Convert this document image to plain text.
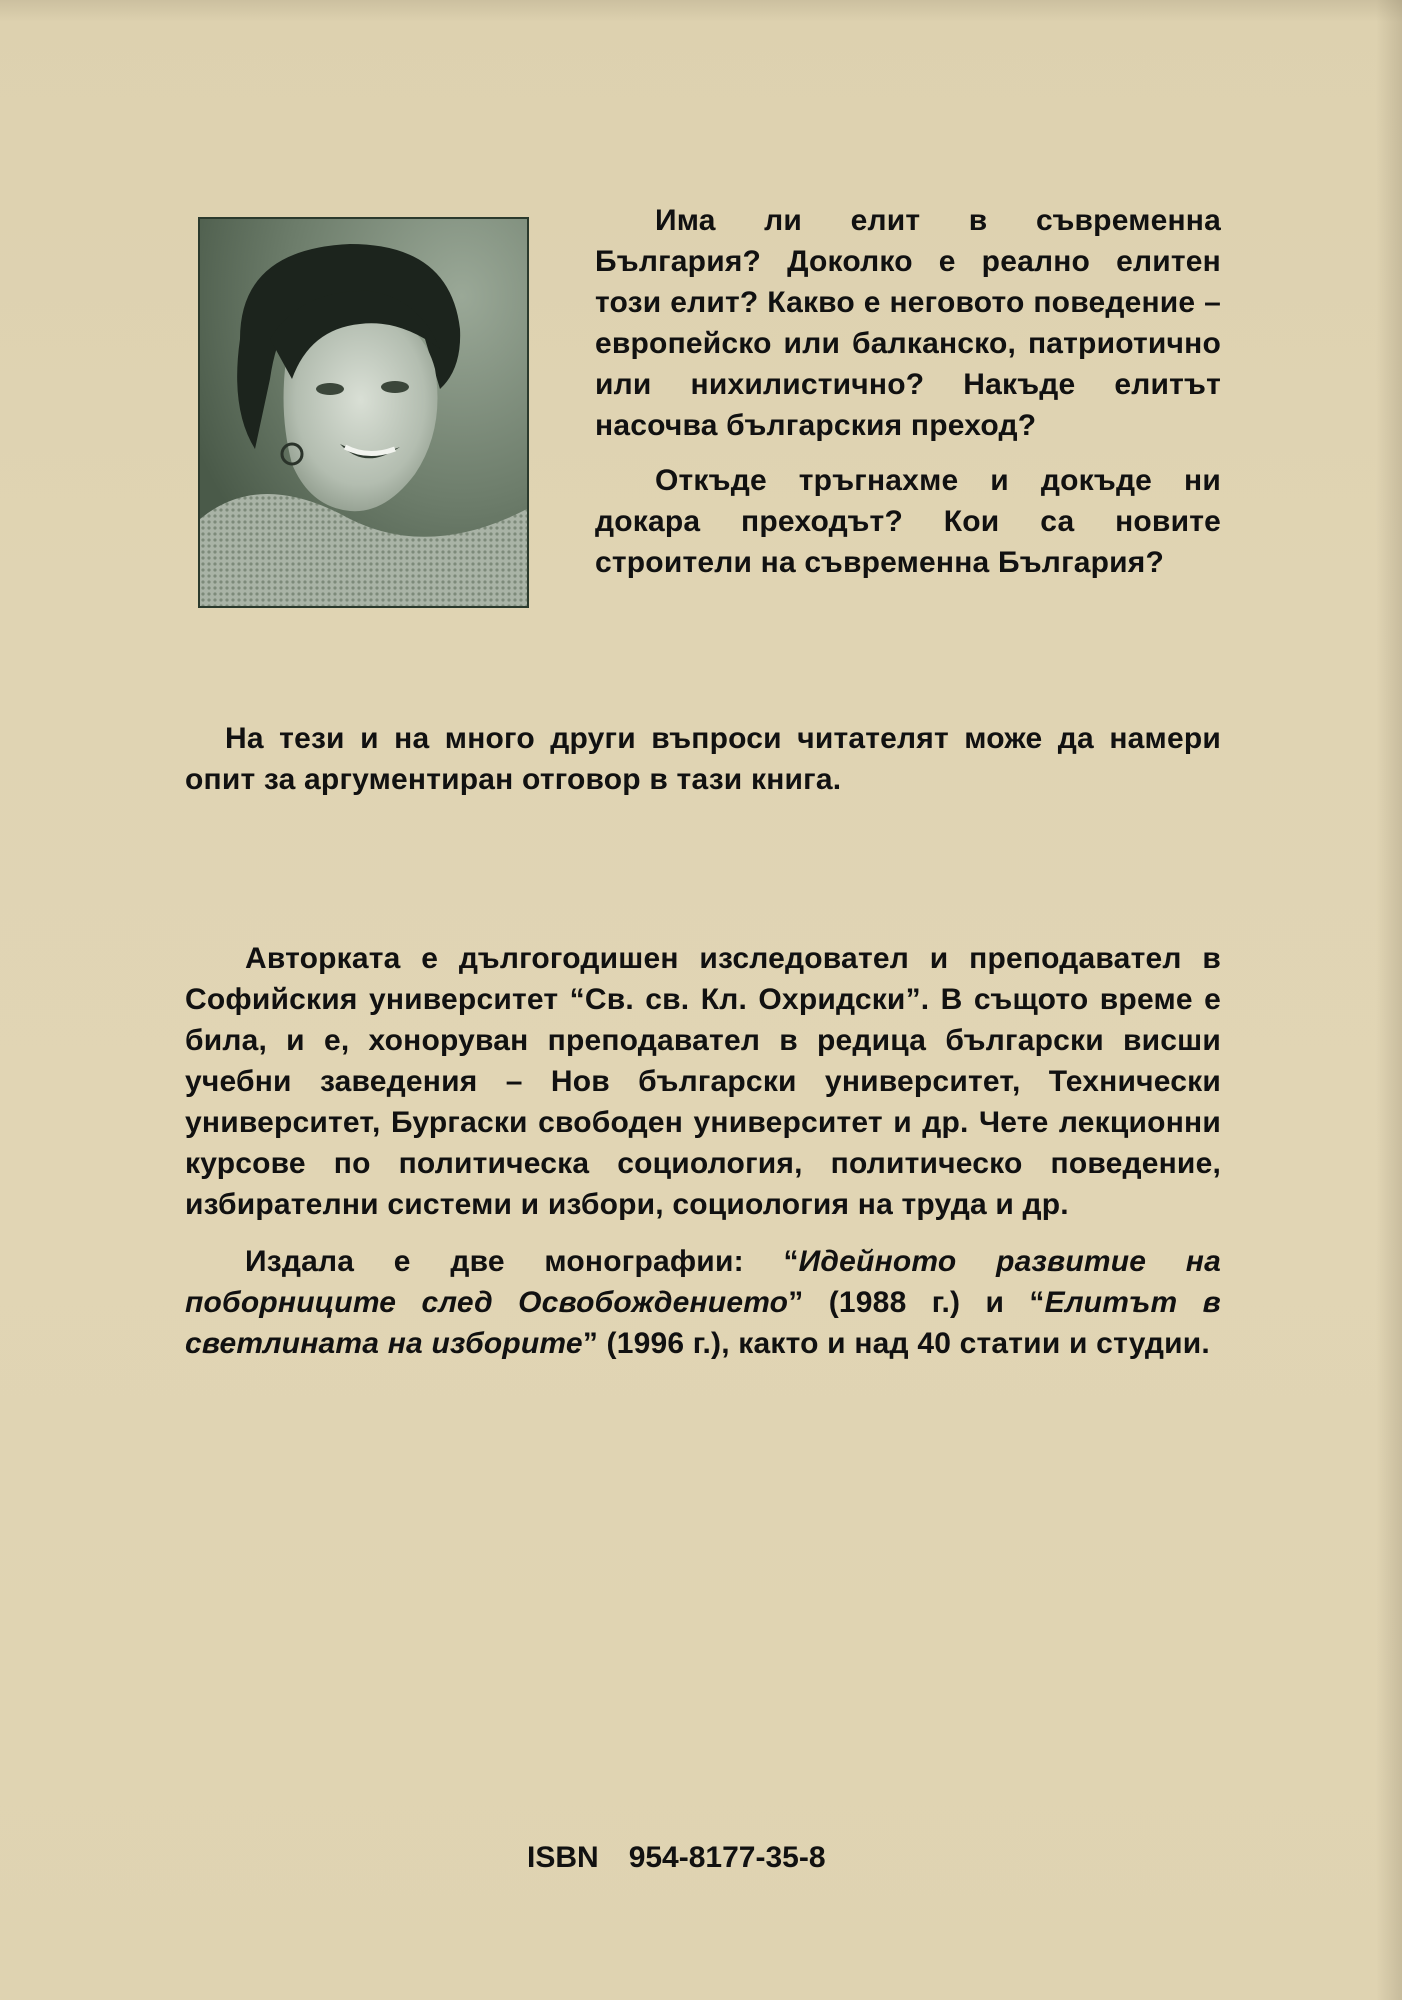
Има ли елит в съвременна България? Доколко е реално елитен този елит? Какво е неговото поведение – европейско или балканско, патриотично или нихилистично? Накъде елитът насочва българския преход?

Откъде тръгнахме и докъде ни докара преходът? Кои са новите строители на съвременна България?

На тези и на много други въпроси читателят може да намери опит за аргументиран отговор в тази книга.

Авторката е дългогодишен изследовател и преподавател в Софийския университет “Св. св. Кл. Охридски”. В същото време е била, и е, хоноруван преподавател в редица български висши учебни заведения – Нов български университет, Технически университет, Бургаски свободен университет и др. Чете лекционни курсове по политическа социология, политическо поведение, избирателни системи и избори, социология на труда и др.

Издала е две монографии: “Идейното развитие на поборниците след Освобождението” (1988 г.) и “Елитът в светлината на изборите” (1996 г.), както и над 40 статии и студии.

ISBN 954-8177-35-8
